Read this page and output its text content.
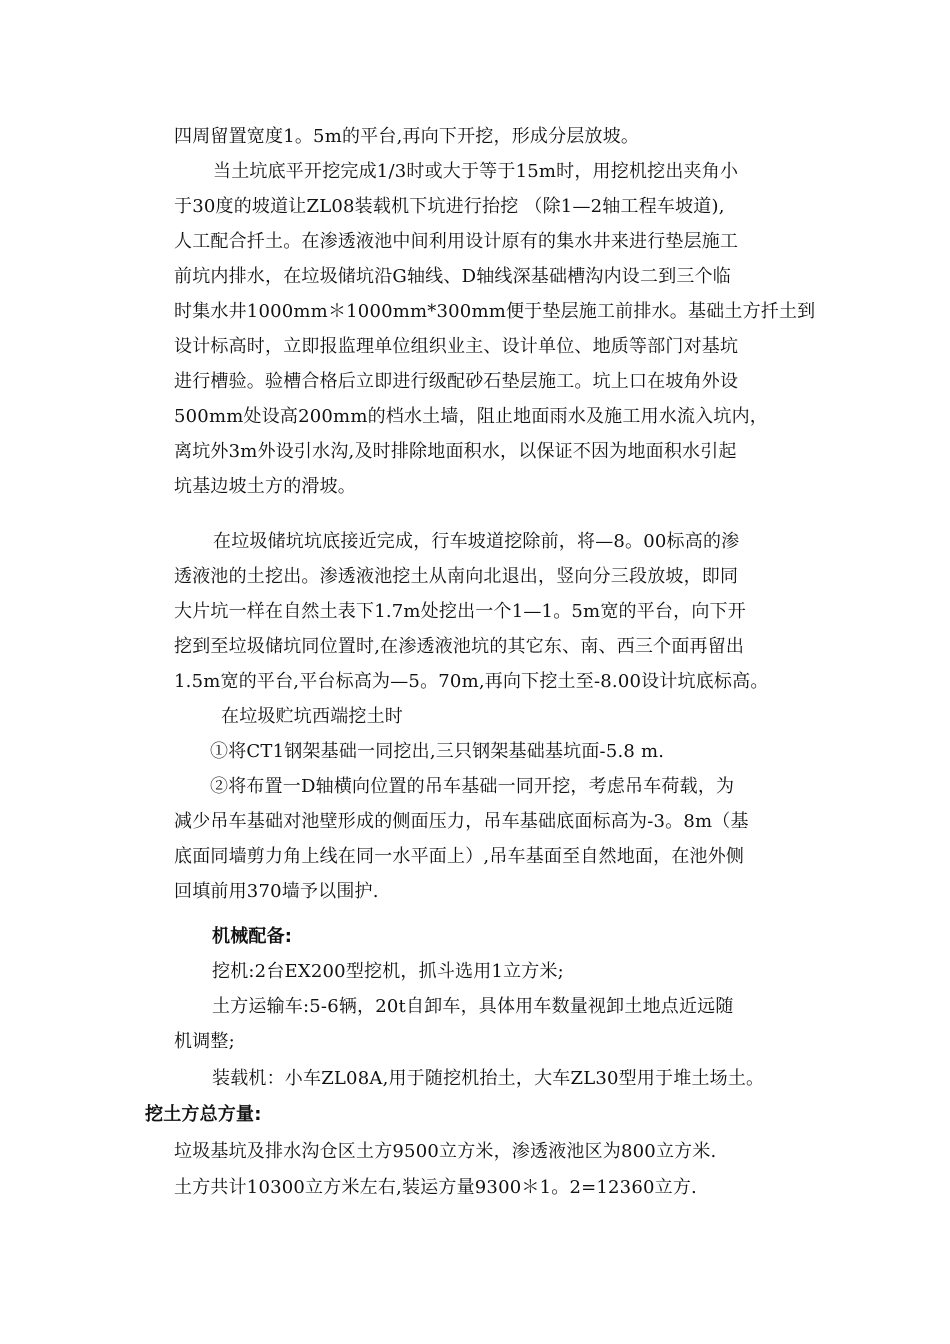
四周留置宽度1。5m的平台,再向下开挖，形成分层放坡。
当土坑底平开挖完成1/3时或大于等于15m时，用挖机挖出夹角小
于30度的坡道让ZL08装载机下坑进行抬挖 （除1—2轴工程车坡道),
人工配合扦土。在渗透液池中间利用设计原有的集水井来进行垫层施工
前坑内排水，在垃圾储坑沿G轴线、D轴线深基础槽沟内设二到三个临
时集水井1000mm＊1000mm*300mm便于垫层施工前排水。基础土方扦土到
设计标高时，立即报监理单位组织业主、设计单位、地质等部门对基坑
进行槽验。验槽合格后立即进行级配砂石垫层施工。坑上口在坡角外设
500mm处设高200mm的档水土墙，阻止地面雨水及施工用水流入坑内，
离坑外3m外设引水沟,及时排除地面积水，以保证不因为地面积水引起
坑基边坡土方的滑坡。
在垃圾储坑坑底接近完成，行车坡道挖除前，将—8。00标高的渗
透液池的土挖出。渗透液池挖土从南向北退出，竖向分三段放坡，即同
大片坑一样在自然土表下1.7m处挖出一个1—1。5m宽的平台，向下开
挖到至垃圾储坑同位置时,在渗透液池坑的其它东、南、西三个面再留出
1.5m宽的平台,平台标高为—5。70m,再向下挖土至-8.00设计坑底标高。
在垃圾贮坑西端挖土时
①将CT1钢架基础一同挖出,三只钢架基础基坑面-5.8 m.
②将布置一D轴横向位置的吊车基础一同开挖，考虑吊车荷载，为
减少吊车基础对池壁形成的侧面压力，吊车基础底面标高为-3。8m（基
底面同墙剪力角上线在同一水平面上）,吊车基面至自然地面，在池外侧
回填前用370墙予以围护.
机械配备:
挖机:2台EX200型挖机，抓斗选用1立方米;
土方运输车:5-6辆，20t自卸车，具体用车数量视卸土地点近远随
机调整;
装载机：小车ZL08A,用于随挖机抬土，大车ZL30型用于堆土场土。
挖土方总方量:
垃圾基坑及排水沟仓区土方9500立方米，渗透液池区为800立方米.
土方共计10300立方米左右,装运方量9300＊1。2=12360立方.
